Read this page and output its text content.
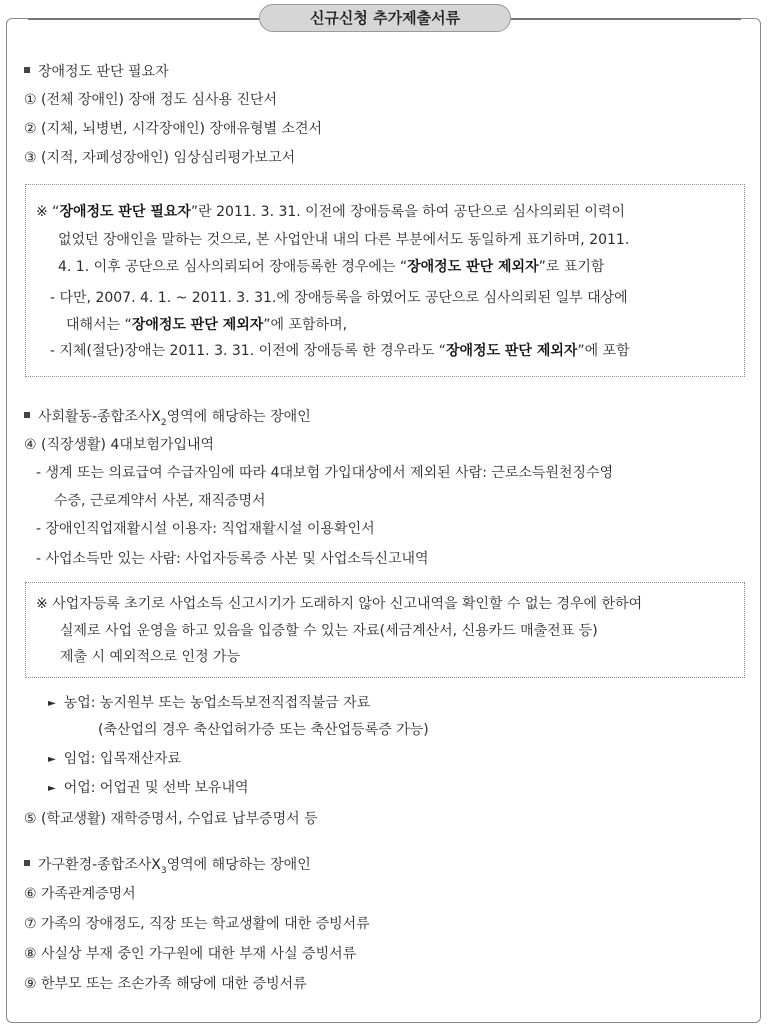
신규신청 추가제출서류
장애정도 판단 필요자
① (전체 장애인) 장애 정도 심사용 진단서
② (지체, 뇌병변, 시각장애인) 장애유형별 소견서
③ (지적, 자폐성장애인) 임상심리평가보고서
※ “장애정도 판단 필요자”란 2011. 3. 31. 이전에 장애등록을 하여 공단으로 심사의뢰된 이력이
없었던 장애인을 말하는 것으로, 본 사업안내 내의 다른 부분에서도 동일하게 표기하며, 2011.
4. 1. 이후 공단으로 심사의뢰되어 장애등록한 경우에는 “장애정도 판단 제외자”로 표기함
- 다만, 2007. 4. 1. ~ 2011. 3. 31.에 장애등록을 하였어도 공단으로 심사의뢰된 일부 대상에
대해서는 “장애정도 판단 제외자”에 포함하며,
- 지체(절단)장애는 2011. 3. 31. 이전에 장애등록 한 경우라도 “장애정도 판단 제외자”에 포함
사회활동-종합조사$X_2$영역에 해당하는 장애인
④ (직장생활) 4대보험가입내역
- 생계 또는 의료급여 수급자임에 따라 4대보험 가입대상에서 제외된 사람: 근로소득원천징수영
수증, 근로계약서 사본, 재직증명서
- 장애인직업재활시설 이용자: 직업재활시설 이용확인서
- 사업소득만 있는 사람: 사업자등록증 사본 및 사업소득신고내역
※ 사업자등록 초기로 사업소득 신고시기가 도래하지 않아 신고내역을 확인할 수 없는 경우에 한하여
실제로 사업 운영을 하고 있음을 입증할 수 있는 자료(세금계산서, 신용카드 매출전표 등)
제출 시 예외적으로 인정 가능
► 농업: 농지원부 또는 농업소득보전직접직불금 자료
(축산업의 경우 축산업허가증 또는 축산업등록증 가능)
► 임업: 입목재산자료
► 어업: 어업권 및 선박 보유내역
⑤ (학교생활) 재학증명서, 수업료 납부증명서 등
가구환경-종합조사$X_3$영역에 해당하는 장애인
⑥ 가족관계증명서
⑦ 가족의 장애정도, 직장 또는 학교생활에 대한 증빙서류
⑧ 사실상 부재 중인 가구원에 대한 부재 사실 증빙서류
⑨ 한부모 또는 조손가족 해당에 대한 증빙서류
